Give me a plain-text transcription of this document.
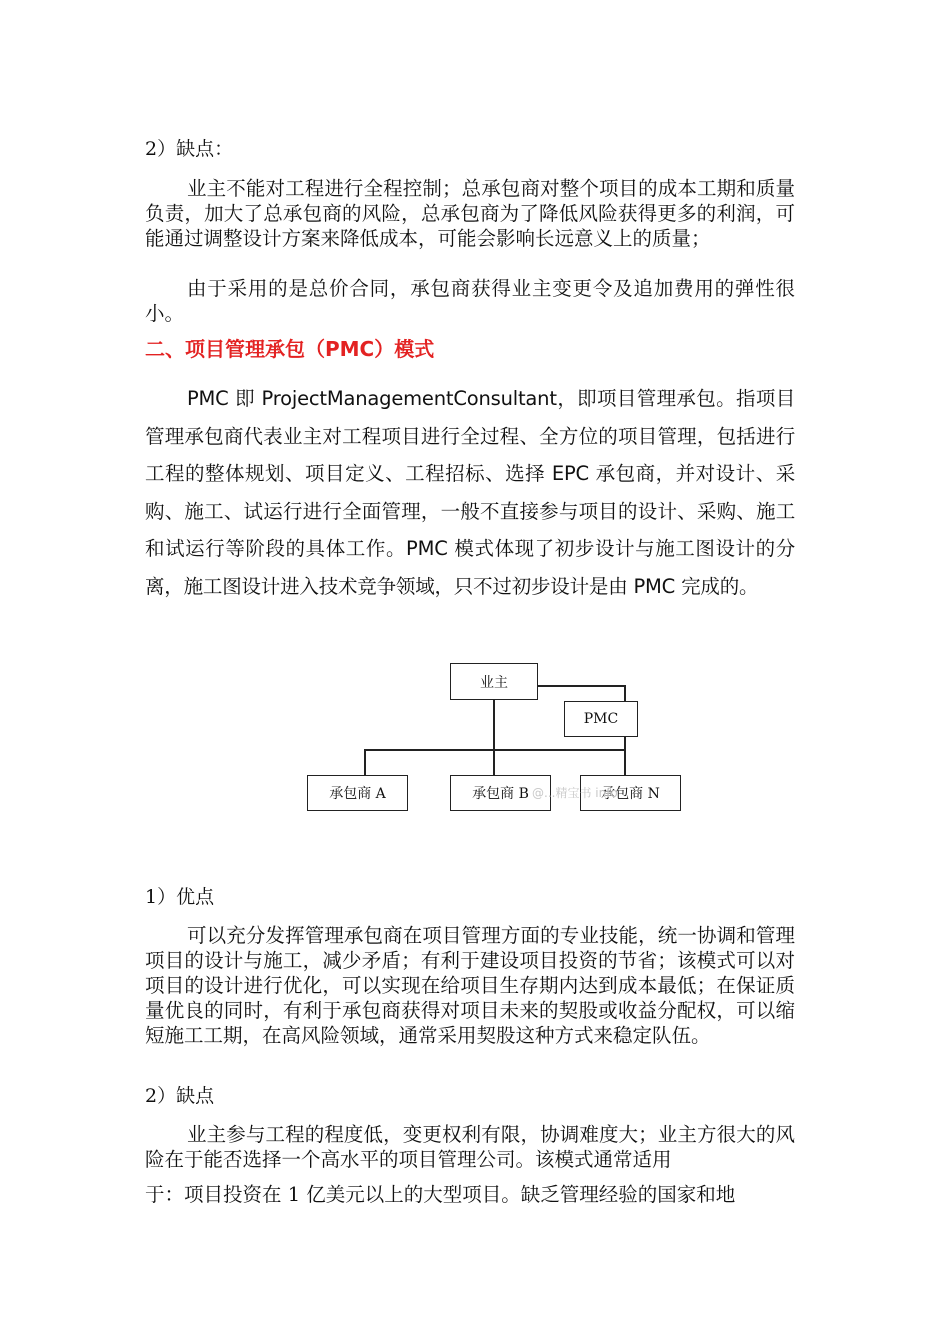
2）缺点：

业主不能对工程进行全程控制；总承包商对整个项目的成本工期和质量负责，加大了总承包商的风险，总承包商为了降低风险获得更多的利润，可能通过调整设计方案来降低成本，可能会影响长远意义上的质量；

由于采用的是总价合同，承包商获得业主变更令及追加费用的弹性很小。

二、项目管理承包（PMC）模式

PMC 即 ProjectManagementConsultant，即项目管理承包。指项目管理承包商代表业主对工程项目进行全过程、全方位的项目管理，包括进行工程的整体规划、项目定义、工程招标、选择 EPC 承包商，并对设计、采购、施工、试运行进行全面管理，一般不直接参与项目的设计、采购、施工和试运行等阶段的具体工作。PMC 模式体现了初步设计与施工图设计的分离，施工图设计进入技术竞争领域，只不过初步设计是由 PMC 完成的。

业主
PMC
承包商 A	承包商 B	承包商 N
@...精宝书 info

1）优点

可以充分发挥管理承包商在项目管理方面的专业技能，统一协调和管理项目的设计与施工，减少矛盾；有利于建设项目投资的节省；该模式可以对项目的设计进行优化，可以实现在给项目生存期内达到成本最低；在保证质量优良的同时，有利于承包商获得对项目未来的契股或收益分配权，可以缩短施工工期，在高风险领域，通常采用契股这种方式来稳定队伍。

2）缺点

业主参与工程的程度低，变更权利有限，协调难度大；业主方很大的风险在于能否选择一个高水平的项目管理公司。该模式通常适用

于：项目投资在 1 亿美元以上的大型项目。缺乏管理经验的国家和地
